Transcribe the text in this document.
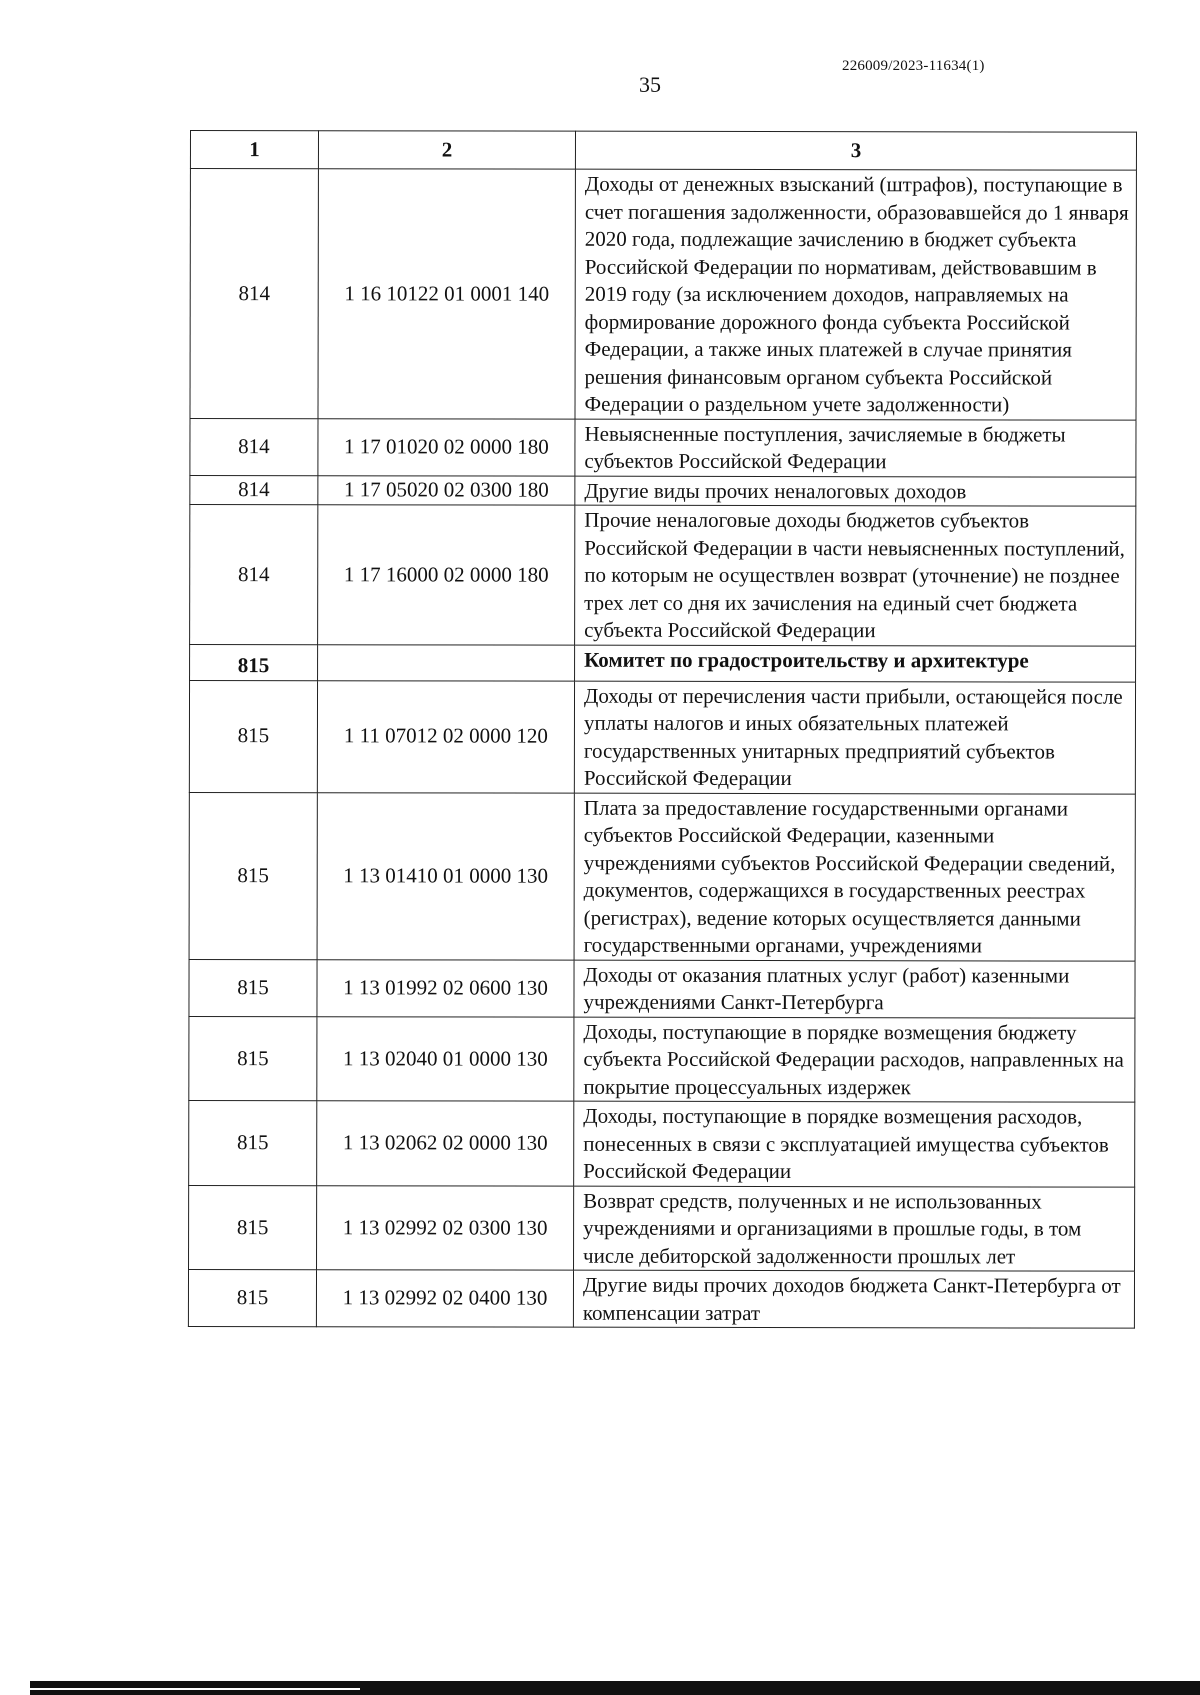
226009/2023-11634(1)
35
1	2	3
814	1 16 10122 01 0001 140	Доходы от денежных взысканий (штрафов), поступающие в счет погашения задолженности, образовавшейся до 1 января 2020 года, подлежащие зачислению в бюджет субъекта Российской Федерации по нормативам, действовавшим в 2019 году (за исключением доходов, направляемых на формирование дорожного фонда субъекта Российской Федерации, а также иных платежей в случае принятия решения финансовым органом субъекта Российской Федерации о раздельном учете задолженности)
814	1 17 01020 02 0000 180	Невыясненные поступления, зачисляемые в бюджеты субъектов Российской Федерации
814	1 17 05020 02 0300 180	Другие виды прочих неналоговых доходов
814	1 17 16000 02 0000 180	Прочие неналоговые доходы бюджетов субъектов Российской Федерации в части невыясненных поступлений, по которым не осуществлен возврат (уточнение) не позднее трех лет со дня их зачисления на единый счет бюджета субъекта Российской Федерации
815		Комитет по градостроительству и архитектуре
815	1 11 07012 02 0000 120	Доходы от перечисления части прибыли, остающейся после уплаты налогов и иных обязательных платежей государственных унитарных предприятий субъектов Российской Федерации
815	1 13 01410 01 0000 130	Плата за предоставление государственными органами субъектов Российской Федерации, казенными учреждениями субъектов Российской Федерации сведений, документов, содержащихся в государственных реестрах (регистрах), ведение которых осуществляется данными государственными органами, учреждениями
815	1 13 01992 02 0600 130	Доходы от оказания платных услуг (работ) казенными учреждениями Санкт-Петербурга
815	1 13 02040 01 0000 130	Доходы, поступающие в порядке возмещения бюджету субъекта Российской Федерации расходов, направленных на покрытие процессуальных издержек
815	1 13 02062 02 0000 130	Доходы, поступающие в порядке возмещения расходов, понесенных в связи с эксплуатацией имущества субъектов Российской Федерации
815	1 13 02992 02 0300 130	Возврат средств, полученных и не использованных учреждениями и организациями в прошлые годы, в том числе дебиторской задолженности прошлых лет
815	1 13 02992 02 0400 130	Другие виды прочих доходов бюджета Санкт-Петербурга от компенсации затрат
